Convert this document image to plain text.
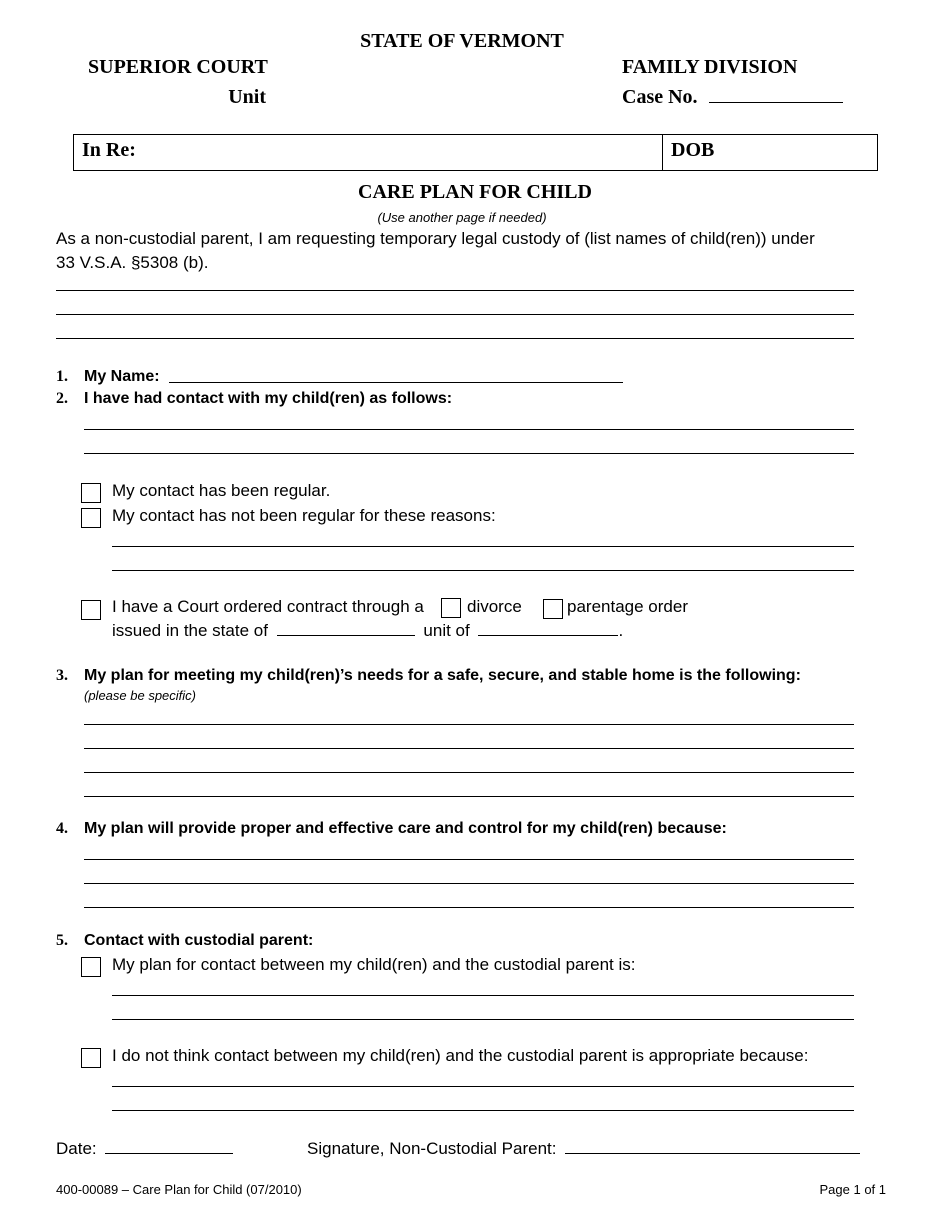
STATE OF VERMONT
SUPERIOR COURT	FAMILY DIVISION
Unit	Case No.
In Re:	DOB
CARE PLAN FOR CHILD
(Use another page if needed)
As a non-custodial parent, I am requesting temporary legal custody of (list names of child(ren)) under
33 V.S.A. §5308 (b).
1. My Name:
2. I have had contact with my child(ren) as follows:
My contact has been regular.
My contact has not been regular for these reasons:
I have a Court ordered contract through a	divorce	parentage order
issued in the state of	unit of	.
3. My plan for meeting my child(ren)’s needs for a safe, secure, and stable home is the following:
(please be specific)
4. My plan will provide proper and effective care and control for my child(ren) because:
5. Contact with custodial parent:
My plan for contact between my child(ren) and the custodial parent is:
I do not think contact between my child(ren) and the custodial parent is appropriate because:
Date:	Signature, Non-Custodial Parent:
400-00089 – Care Plan for Child (07/2010)	Page 1 of 1
